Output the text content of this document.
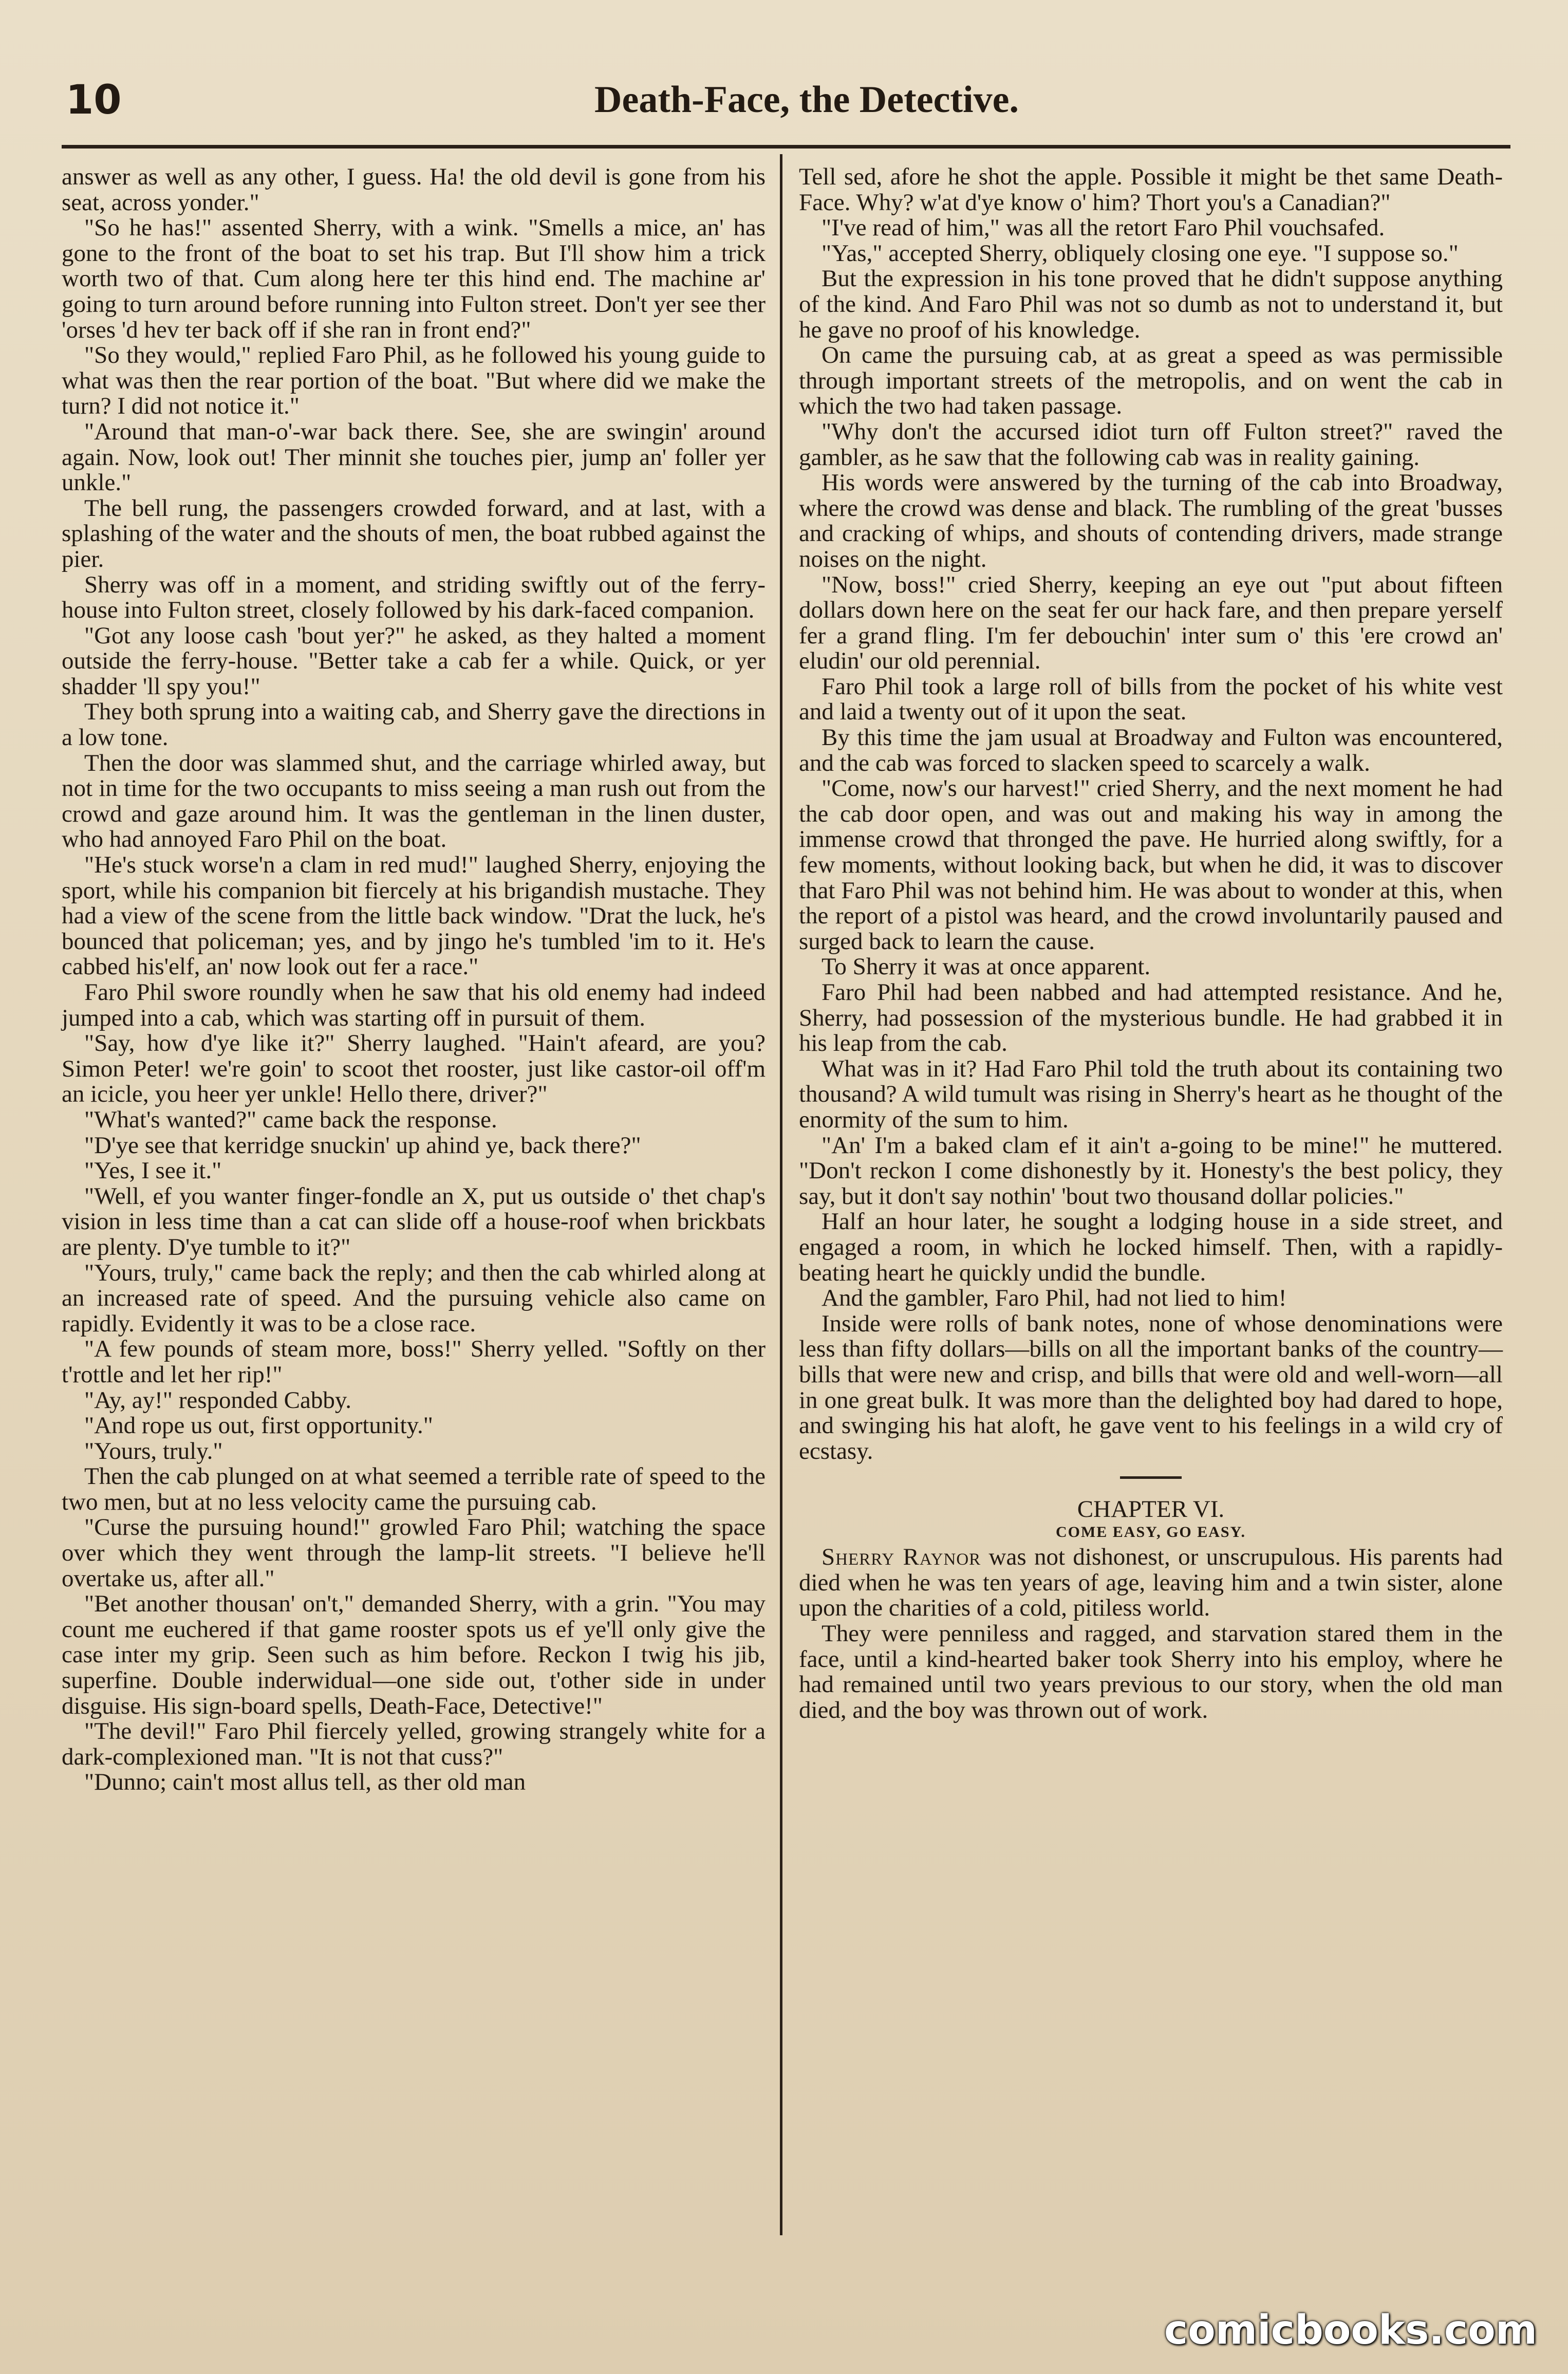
10	Death-Face, the Detective.

answer as well as any other, I guess. Ha! the old devil is gone from his seat, across yonder."

"So he has!" assented Sherry, with a wink. "Smells a mice, an' has gone to the front of the boat to set his trap. But I'll show him a trick worth two of that. Cum along here ter this hind end. The machine ar' going to turn around before running into Fulton street. Don't yer see ther 'orses 'd hev ter back off if she ran in front end?"

"So they would," replied Faro Phil, as he followed his young guide to what was then the rear portion of the boat. "But where did we make the turn? I did not notice it."

"Around that man-o'-war back there. See, she are swingin' around again. Now, look out! Ther minnit she touches pier, jump an' foller yer unkle."

The bell rung, the passengers crowded forward, and at last, with a splashing of the water and the shouts of men, the boat rubbed against the pier.

Sherry was off in a moment, and striding swiftly out of the ferry-house into Fulton street, closely followed by his dark-faced companion.

"Got any loose cash 'bout yer?" he asked, as they halted a moment outside the ferry-house. "Better take a cab fer a while. Quick, or yer shadder 'll spy you!"

They both sprung into a waiting cab, and Sherry gave the directions in a low tone.

Then the door was slammed shut, and the carriage whirled away, but not in time for the two occupants to miss seeing a man rush out from the crowd and gaze around him. It was the gentleman in the linen duster, who had annoyed Faro Phil on the boat.

"He's stuck worse'n a clam in red mud!" laughed Sherry, enjoying the sport, while his companion bit fiercely at his brigandish mustache. They had a view of the scene from the little back window. "Drat the luck, he's bounced that policeman; yes, and by jingo he's tumbled 'im to it. He's cabbed his'elf, an' now look out fer a race."

Faro Phil swore roundly when he saw that his old enemy had indeed jumped into a cab, which was starting off in pursuit of them.

"Say, how d'ye like it?" Sherry laughed. "Hain't afeard, are you? Simon Peter! we're goin' to scoot thet rooster, just like castor-oil off'm an icicle, you heer yer unkle! Hello there, driver?"

"What's wanted?" came back the response.

"D'ye see that kerridge snuckin' up ahind ye, back there?"

"Yes, I see it."

"Well, ef you wanter finger-fondle an X, put us outside o' thet chap's vision in less time than a cat can slide off a house-roof when brickbats are plenty. D'ye tumble to it?"

"Yours, truly," came back the reply; and then the cab whirled along at an increased rate of speed. And the pursuing vehicle also came on rapidly. Evidently it was to be a close race.

"A few pounds of steam more, boss!" Sherry yelled. "Softly on ther t'rottle and let her rip!"

"Ay, ay!" responded Cabby.

"And rope us out, first opportunity."

"Yours, truly."

Then the cab plunged on at what seemed a terrible rate of speed to the two men, but at no less velocity came the pursuing cab.

"Curse the pursuing hound!" growled Faro Phil; watching the space over which they went through the lamp-lit streets. "I believe he'll overtake us, after all."

"Bet another thousan' on't," demanded Sherry, with a grin. "You may count me euchered if that game rooster spots us ef ye'll only give the case inter my grip. Seen such as him before. Reckon I twig his jib, superfine. Double inderwidual—one side out, t'other side in under disguise. His sign-board spells, Death-Face, Detective!"

"The devil!" Faro Phil fiercely yelled, growing strangely white for a dark-complexioned man. "It is not that cuss?"

"Dunno; cain't most allus tell, as ther old man

Tell sed, afore he shot the apple. Possible it might be thet same Death-Face. Why? w'at d'ye know o' him? Thort you's a Canadian?"

"I've read of him," was all the retort Faro Phil vouchsafed.

"Yas," accepted Sherry, obliquely closing one eye. "I suppose so."

But the expression in his tone proved that he didn't suppose anything of the kind. And Faro Phil was not so dumb as not to understand it, but he gave no proof of his knowledge.

On came the pursuing cab, at as great a speed as was permissible through important streets of the metropolis, and on went the cab in which the two had taken passage.

"Why don't the accursed idiot turn off Fulton street?" raved the gambler, as he saw that the following cab was in reality gaining.

His words were answered by the turning of the cab into Broadway, where the crowd was dense and black. The rumbling of the great 'busses and cracking of whips, and shouts of contending drivers, made strange noises on the night.

"Now, boss!" cried Sherry, keeping an eye out "put about fifteen dollars down here on the seat fer our hack fare, and then prepare yerself fer a grand fling. I'm fer debouchin' inter sum o' this 'ere crowd an' eludin' our old perennial.

Faro Phil took a large roll of bills from the pocket of his white vest and laid a twenty out of it upon the seat.

By this time the jam usual at Broadway and Fulton was encountered, and the cab was forced to slacken speed to scarcely a walk.

"Come, now's our harvest!" cried Sherry, and the next moment he had the cab door open, and was out and making his way in among the immense crowd that thronged the pave. He hurried along swiftly, for a few moments, without looking back, but when he did, it was to discover that Faro Phil was not behind him. He was about to wonder at this, when the report of a pistol was heard, and the crowd involuntarily paused and surged back to learn the cause.

To Sherry it was at once apparent.

Faro Phil had been nabbed and had attempted resistance. And he, Sherry, had possession of the mysterious bundle. He had grabbed it in his leap from the cab.

What was in it? Had Faro Phil told the truth about its containing two thousand? A wild tumult was rising in Sherry's heart as he thought of the enormity of the sum to him.

"An' I'm a baked clam ef it ain't a-going to be mine!" he muttered. "Don't reckon I come dishonestly by it. Honesty's the best policy, they say, but it don't say nothin' 'bout two thousand dollar policies."

Half an hour later, he sought a lodging house in a side street, and engaged a room, in which he locked himself. Then, with a rapidly-beating heart he quickly undid the bundle.

And the gambler, Faro Phil, had not lied to him!

Inside were rolls of bank notes, none of whose denominations were less than fifty dollars—bills on all the important banks of the country—bills that were new and crisp, and bills that were old and well-worn—all in one great bulk. It was more than the delighted boy had dared to hope, and swinging his hat aloft, he gave vent to his feelings in a wild cry of ecstasy.

CHAPTER VI.

COME EASY, GO EASY.

Sherry Raynor was not dishonest, or unscrupulous. His parents had died when he was ten years of age, leaving him and a twin sister, alone upon the charities of a cold, pitiless world.

They were penniless and ragged, and starvation stared them in the face, until a kind-hearted baker took Sherry into his employ, where he had remained until two years previous to our story, when the old man died, and the boy was thrown out of work.

comicbooks.com
